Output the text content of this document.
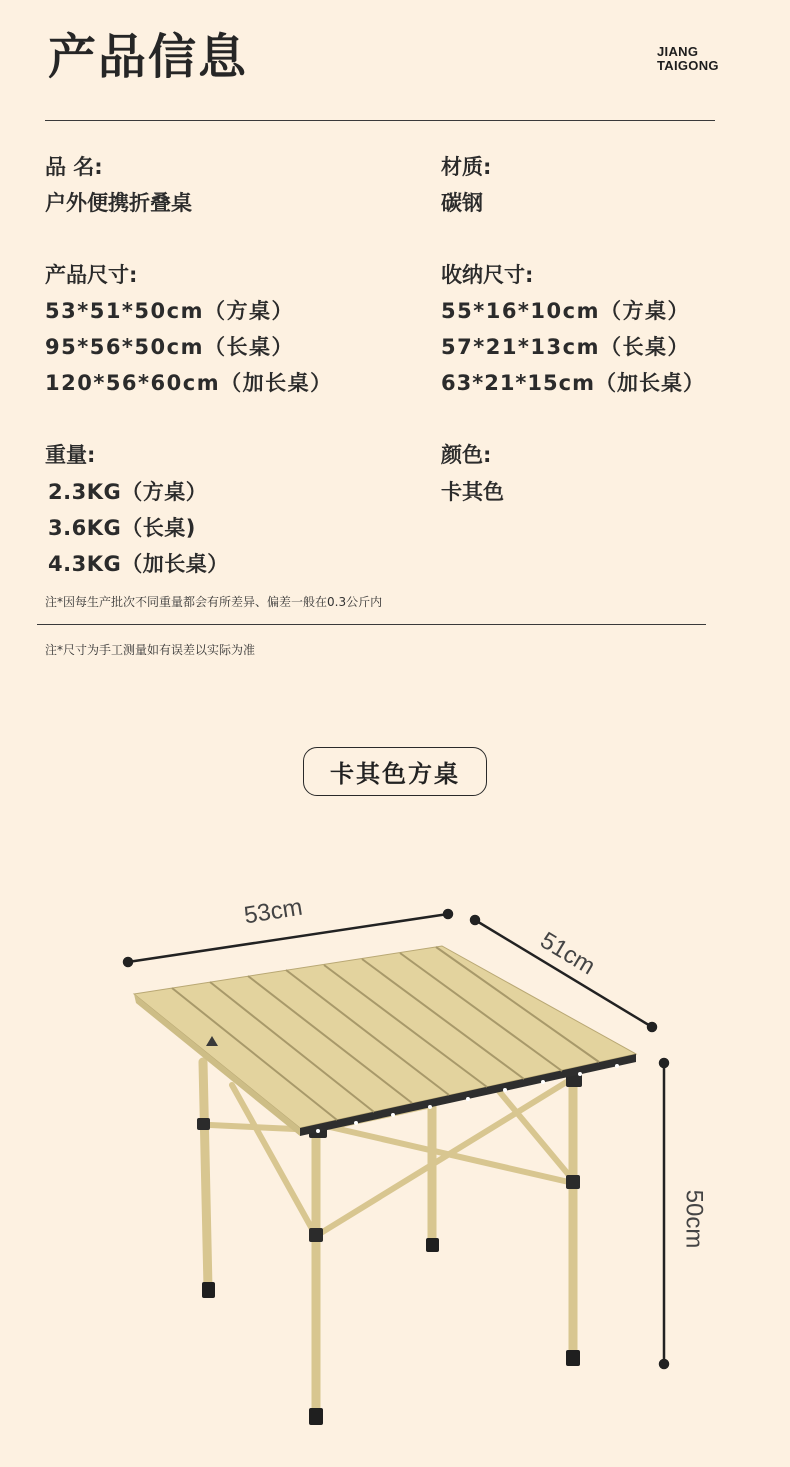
产品信息	JIANG
TAIGONG
品 名:
户外便携折叠桌
材质:
碳钢
产品尺寸:
53*51*50cm（方桌）
95*56*50cm（长桌）
120*56*60cm（加长桌）
收纳尺寸:
55*16*10cm（方桌）
57*21*13cm（长桌）
63*21*15cm（加长桌）
重量:
2.3KG（方桌）
3.6KG（长桌)
4.3KG（加长桌）
颜色:
卡其色
注*因每生产批次不同重量都会有所差异、偏差一般在0.3公斤内
注*尺寸为手工测量如有误差以实际为准
卡其色方桌
53cm
51cm
50cm
